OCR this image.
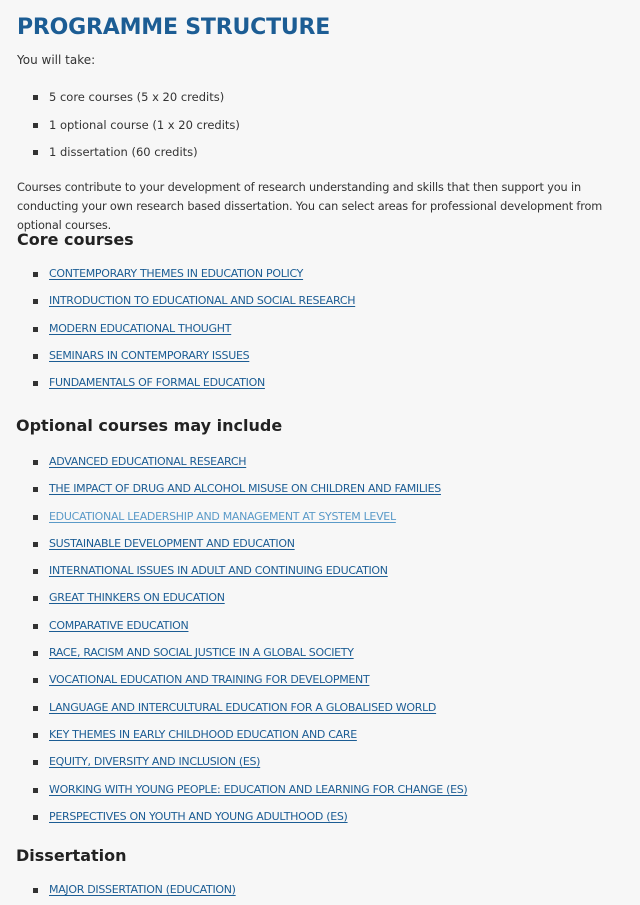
PROGRAMME STRUCTURE

You will take:

5 core courses (5 x 20 credits)
1 optional course (1 x 20 credits)
1 dissertation (60 credits)

Courses contribute to your development of research understanding and skills that then support you in conducting your own research based dissertation. You can select areas for professional development from optional courses.

Core courses
CONTEMPORARY THEMES IN EDUCATION POLICY
INTRODUCTION TO EDUCATIONAL AND SOCIAL RESEARCH
MODERN EDUCATIONAL THOUGHT
SEMINARS IN CONTEMPORARY ISSUES
FUNDAMENTALS OF FORMAL EDUCATION
Optional courses may include
ADVANCED EDUCATIONAL RESEARCH
THE IMPACT OF DRUG AND ALCOHOL MISUSE ON CHILDREN AND FAMILIES
EDUCATIONAL LEADERSHIP AND MANAGEMENT AT SYSTEM LEVEL
SUSTAINABLE DEVELOPMENT AND EDUCATION
INTERNATIONAL ISSUES IN ADULT AND CONTINUING EDUCATION
GREAT THINKERS ON EDUCATION
COMPARATIVE EDUCATION
RACE, RACISM AND SOCIAL JUSTICE IN A GLOBAL SOCIETY
VOCATIONAL EDUCATION AND TRAINING FOR DEVELOPMENT
LANGUAGE AND INTERCULTURAL EDUCATION FOR A GLOBALISED WORLD
KEY THEMES IN EARLY CHILDHOOD EDUCATION AND CARE
EQUITY, DIVERSITY AND INCLUSION (ES)
WORKING WITH YOUNG PEOPLE: EDUCATION AND LEARNING FOR CHANGE (ES)
PERSPECTIVES ON YOUTH AND YOUNG ADULTHOOD (ES)
Dissertation
MAJOR DISSERTATION (EDUCATION)
